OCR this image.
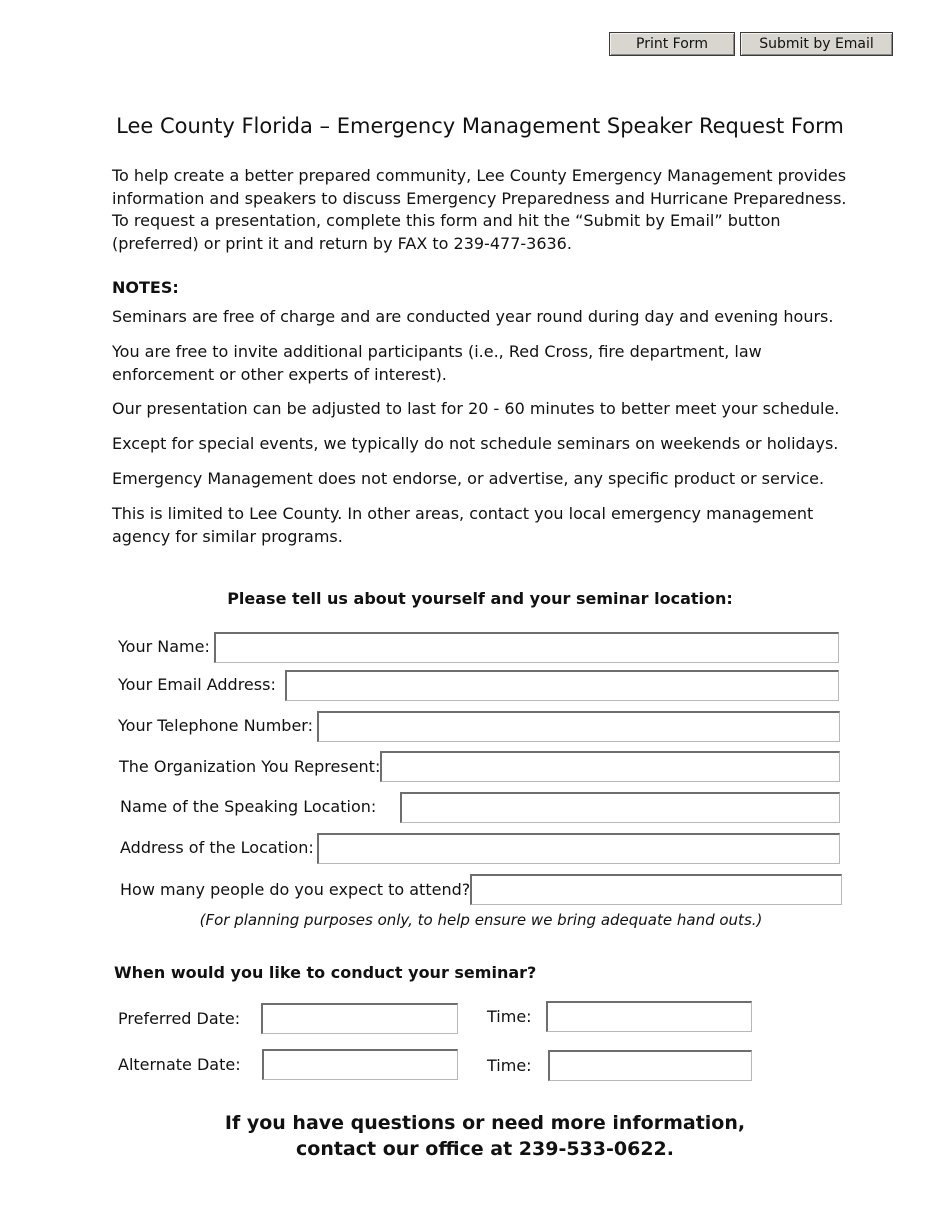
Print Form	Submit by Email
Lee County Florida – Emergency Management Speaker Request Form

To help create a better prepared community, Lee County Emergency Management provides information and speakers to discuss Emergency Preparedness and Hurricane Preparedness. To request a presentation, complete this form and hit the “Submit by Email” button (preferred) or print it and return by FAX to 239-477-3636.

NOTES:

Seminars are free of charge and are conducted year round during day and evening hours.

You are free to invite additional participants (i.e., Red Cross, fire department, law enforcement or other experts of interest).

Our presentation can be adjusted to last for 20 - 60 minutes to better meet your schedule.

Except for special events, we typically do not schedule seminars on weekends or holidays.

Emergency Management does not endorse, or advertise, any specific product or service.

This is limited to Lee County. In other areas, contact you local emergency management agency for similar programs.

Please tell us about yourself and your seminar location:
Your Name:
Your Email Address:
Your Telephone Number:
The Organization You Represent:
Name of the Speaking Location:
Address of the Location:
How many people do you expect to attend?
(For planning purposes only, to help ensure we bring adequate hand outs.)
When would you like to conduct your seminar?
Preferred Date:	Time:
Alternate Date:	Time:
If you have questions or need more information,
contact our office at 239-533-0622.
